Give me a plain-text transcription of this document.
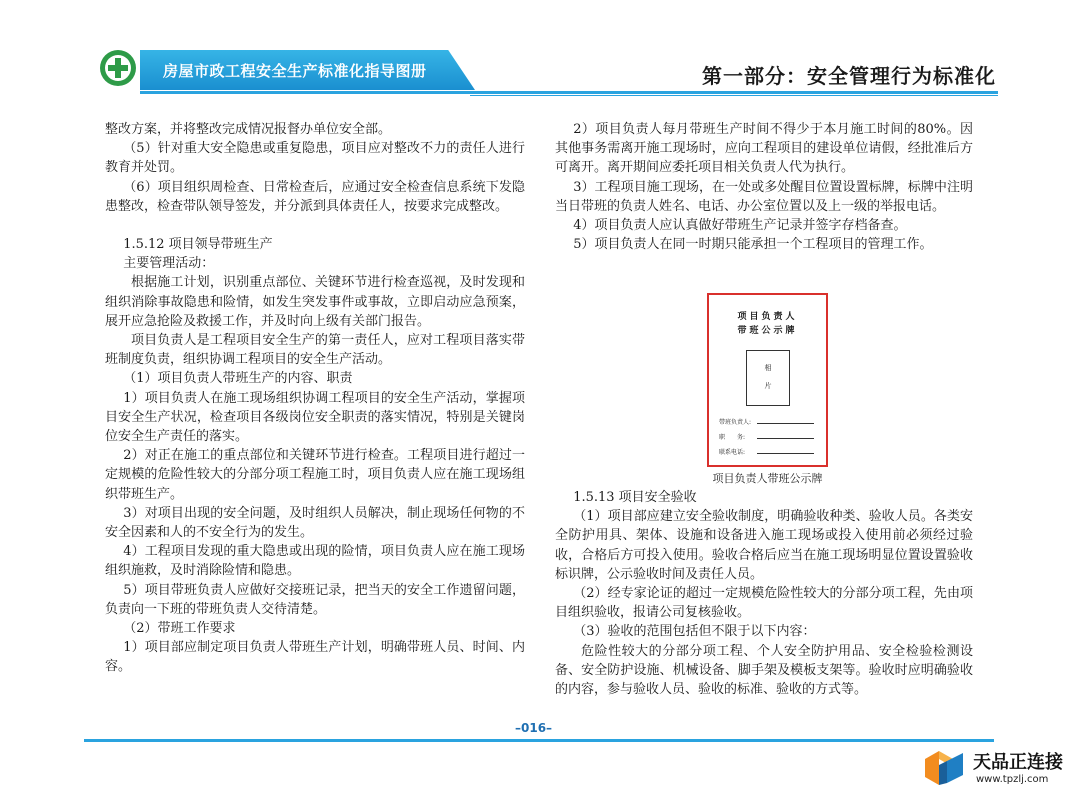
房屋市政工程安全生产标准化指导图册	第一部分：安全管理行为标准化

整改方案，并将整改完成情况报督办单位安全部。

（5）针对重大安全隐患或重复隐患，项目应对整改不力的责任人进行教育并处罚。

（6）项目组织周检查、日常检查后，应通过安全检查信息系统下发隐患整改，检查带队领导签发，并分派到具体责任人，按要求完成整改。

1.5.12 项目领导带班生产

主要管理活动：

根据施工计划，识别重点部位、关键环节进行检查巡视，及时发现和组织消除事故隐患和险情，如发生突发事件或事故，立即启动应急预案，展开应急抢险及救援工作，并及时向上级有关部门报告。

项目负责人是工程项目安全生产的第一责任人，应对工程项目落实带班制度负责，组织协调工程项目的安全生产活动。

（1）项目负责人带班生产的内容、职责

1）项目负责人在施工现场组织协调工程项目的安全生产活动，掌握项目安全生产状况，检查项目各级岗位安全职责的落实情况，特别是关键岗位安全生产责任的落实。

2）对正在施工的重点部位和关键环节进行检查。工程项目进行超过一定规模的危险性较大的分部分项工程施工时，项目负责人应在施工现场组织带班生产。

3）对项目出现的安全问题，及时组织人员解决，制止现场任何物的不安全因素和人的不安全行为的发生。

4）工程项目发现的重大隐患或出现的险情，项目负责人应在施工现场组织施救，及时消除险情和隐患。

5）项目带班负责人应做好交接班记录，把当天的安全工作遗留问题，负责向一下班的带班负责人交待清楚。

（2）带班工作要求

1）项目部应制定项目负责人带班生产计划，明确带班人员、时间、内容。

2）项目负责人每月带班生产时间不得少于本月施工时间的80%。因其他事务需离开施工现场时，应向工程项目的建设单位请假，经批准后方可离开。离开期间应委托项目相关负责人代为执行。

3）工程项目施工现场，在一处或多处醒目位置设置标牌，标牌中注明当日带班的负责人姓名、电话、办公室位置以及上一级的举报电话。

4）项目负责人应认真做好带班生产记录并签字存档备查。

5）项目负责人在同一时期只能承担一个工程项目的管理工作。

1.5.13 项目安全验收

（1）项目部应建立安全验收制度，明确验收种类、验收人员。各类安全防护用具、架体、设施和设备进入施工现场或投入使用前必须经过验收，合格后方可投入使用。验收合格后应当在施工现场明显位置设置验收标识牌，公示验收时间及责任人员。

（2）经专家论证的超过一定规模危险性较大的分部分项工程，先由项目组织验收，报请公司复核验收。

（3）验收的范围包括但不限于以下内容：

危险性较大的分部分项工程、个人安全防护用品、安全检验检测设备、安全防护设施、机械设备、脚手架及模板支架等。验收时应明确验收的内容，参与验收人员、验收的标准、验收的方式等。

项目负责人
带班公示牌
相
片
带班负责人:
职　　务:
联系电话:
项目负责人带班公示牌
–016–
天品正连接
www.tpzlj.com
